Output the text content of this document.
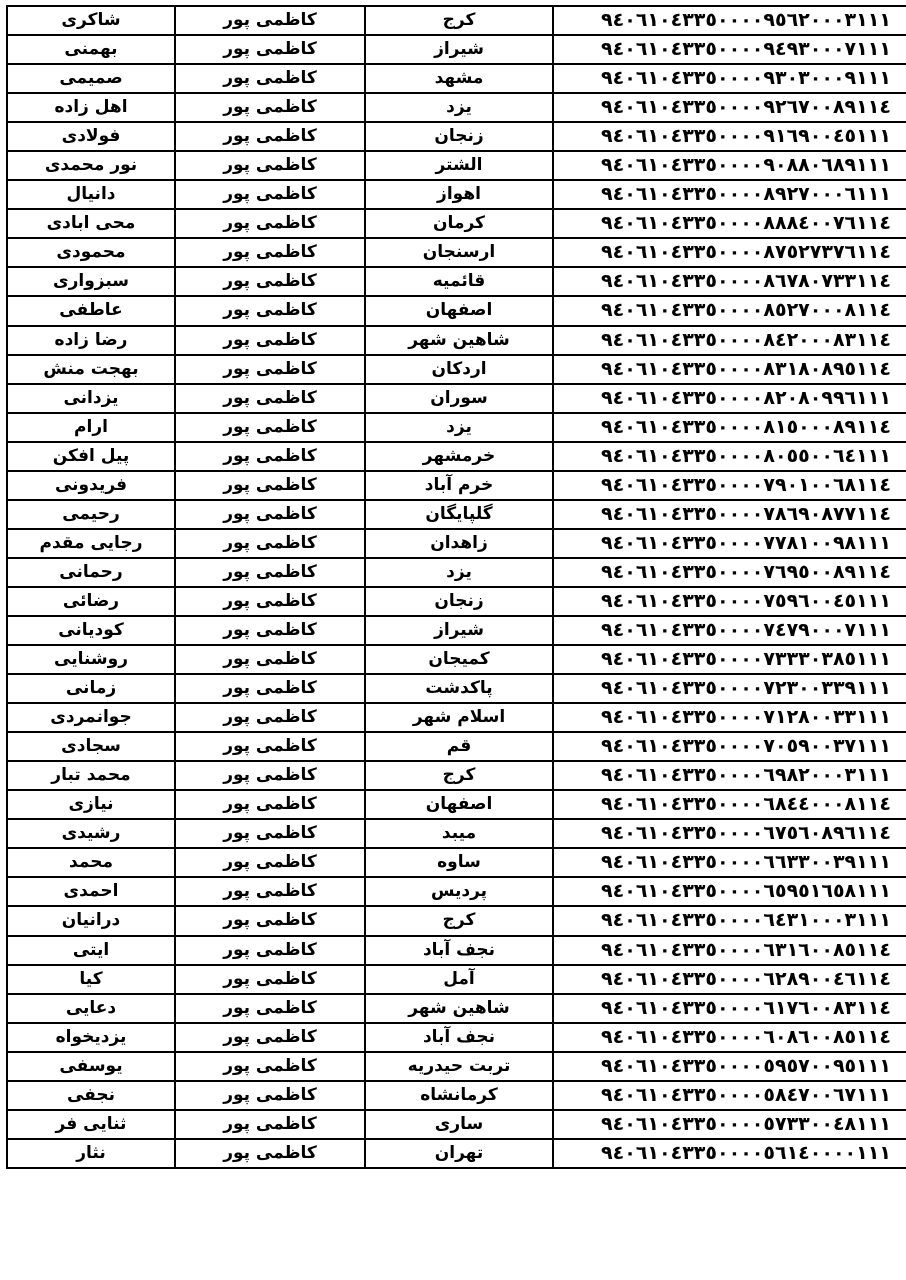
شاکری	کاظمی پور	کرج	۹٤٠٦١٠٤٣٣٥٠٠٠٠٩٥٦٢٠٠٠٣١١١
بهمنی	کاظمی پور	شیراز	۹٤٠٦١٠٤٣٣٥٠٠٠٠٩٤۹٣٠٠٠٧١١١
صمیمی	کاظمی پور	مشهد	۹٤٠٦١٠٤٣٣٥٠٠٠٠۹٣٠٣٠٠٠۹١١١
اهل زاده	کاظمی پور	یزد	۹٤٠٦١٠٤٣٣٥٠٠٠٠۹٢٦٧٠٠٨۹١١٤
فولادی	کاظمی پور	زنجان	۹٤٠٦١٠٤٣٣٥٠٠٠٠۹١٦۹٠٠٤٥١١١
نور محمدی	کاظمی پور	الشتر	۹٤٠٦١٠٤٣٣٥٠٠٠٠۹٠٨٨٠٦٨۹١١١
دانیال	کاظمی پور	اهواز	۹٤٠٦١٠٤٣٣٥٠٠٠٠٨۹٢٧٠٠٠٦١١١
محی ابادی	کاظمی پور	کرمان	۹٤٠٦١٠٤٣٣٥٠٠٠٠٨٨٨٤٠٠٧٦١١٤
محمودی	کاظمی پور	ارسنجان	۹٤٠٦١٠٤٣٣٥٠٠٠٠٨٧٥٢٧٣٧٦١١٤
سبزواری	کاظمی پور	قائمیه	۹٤٠٦١٠٤٣٣٥٠٠٠٠٨٦٧٨٠٧٣٣١١٤
عاطفی	کاظمی پور	اصفهان	۹٤٠٦١٠٤٣٣٥٠٠٠٠٨٥٢٧٠٠٠٨١١٤
رضا زاده	کاظمی پور	شاهین شهر	۹٤٠٦١٠٤٣٣٥٠٠٠٠٨٤٢٠٠٠٨٣١١٤
بهجت منش	کاظمی پور	اردکان	۹٤٠٦١٠٤٣٣٥٠٠٠٠٨٣١٨٠٨۹٥١١٤
یزدانی	کاظمی پور	سوران	۹٤٠٦١٠٤٣٣٥٠٠٠٠٨٢٠٨٠۹۹٦١١١
ارام	کاظمی پور	یزد	۹٤٠٦١٠٤٣٣٥٠٠٠٠٨١٥٠٠٠٨۹١١٤
پیل افکن	کاظمی پور	خرمشهر	۹٤٠٦١٠٤٣٣٥٠٠٠٠٨٠٥٥٠٠٦٤١١١
فریدونی	کاظمی پور	خرم آباد	۹٤٠٦١٠٤٣٣٥٠٠٠٠٧۹٠١٠٠٦٨١١٤
رحیمی	کاظمی پور	گلپایگان	۹٤٠٦١٠٤٣٣٥٠٠٠٠٧٨٦۹٠٨٧٧١١٤
رجایی مقدم	کاظمی پور	زاهدان	۹٤٠٦١٠٤٣٣٥٠٠٠٠٧٧٨١٠٠۹٨١١١
رحمانی	کاظمی پور	یزد	۹٤٠٦١٠٤٣٣٥٠٠٠٠٧٦۹٥٠٠٨۹١١٤
رضائی	کاظمی پور	زنجان	۹٤٠٦١٠٤٣٣٥٠٠٠٠٧٥۹٦٠٠٤٥١١١
کودیانی	کاظمی پور	شیراز	۹٤٠٦١٠٤٣٣٥٠٠٠٠٧٤٧۹٠٠٠٧١١١
روشنایی	کاظمی پور	کمیجان	۹٤٠٦١٠٤٣٣٥٠٠٠٠٧٣٣٣٠٣٨٥١١١
زمانی	کاظمی پور	پاکدشت	۹٤٠٦١٠٤٣٣٥٠٠٠٠٧٢٣٠٠٣٣۹١١١
جوانمردی	کاظمی پور	اسلام شهر	۹٤٠٦١٠٤٣٣٥٠٠٠٠٧١٢٨٠٠٣٣١١١
سجادی	کاظمی پور	قم	۹٤٠٦١٠٤٣٣٥٠٠٠٠٧٠٥۹٠٠٣٧١١١
محمد تبار	کاظمی پور	کرج	۹٤٠٦١٠٤٣٣٥٠٠٠٠٦۹٨٢٠٠٠٣١١١
نیازی	کاظمی پور	اصفهان	۹٤٠٦١٠٤٣٣٥٠٠٠٠٦٨٤٤٠٠٠٨١١٤
رشیدی	کاظمی پور	میبد	۹٤٠٦١٠٤٣٣٥٠٠٠٠٦٧٥٦٠٨۹٦١١٤
محمد	کاظمی پور	ساوه	۹٤٠٦١٠٤٣٣٥٠٠٠٠٦٦٣٣٠٠٣۹١١١
احمدی	کاظمی پور	پردیس	۹٤٠٦١٠٤٣٣٥٠٠٠٠٦٥۹٥١٦٥٨١١١
درانیان	کاظمی پور	کرج	۹٤٠٦١٠٤٣٣٥٠٠٠٠٦٤٣١٠٠٠٣١١١
ایتی	کاظمی پور	نجف آباد	۹٤٠٦١٠٤٣٣٥٠٠٠٠٦٣١٦٠٠٨٥١١٤
کیا	کاظمی پور	آمل	۹٤٠٦١٠٤٣٣٥٠٠٠٠٦٢٨۹٠٠٤٦١١٤
دعایی	کاظمی پور	شاهین شهر	۹٤٠٦١٠٤٣٣٥٠٠٠٠٦١٧٦٠٠٨٣١١٤
یزدیخواه	کاظمی پور	نجف آباد	۹٤٠٦١٠٤٣٣٥٠٠٠٠٦٠٨٦٠٠٨٥١١٤
یوسفی	کاظمی پور	تربت حیدریه	۹٤٠٦١٠٤٣٣٥٠٠٠٠٥۹٥٧٠٠۹٥١١١
نجفی	کاظمی پور	کرمانشاه	۹٤٠٦١٠٤٣٣٥٠٠٠٠٥٨٤٧٠٠٦٧١١١
ثنایی فر	کاظمی پور	ساری	۹٤٠٦١٠٤٣٣٥٠٠٠٠٥٧٣٣٠٠٤٨١١١
نثار	کاظمی پور	تهران	۹٤٠٦١٠٤٣٣٥٠٠٠٠٥٦١٤٠٠٠٠١١١
